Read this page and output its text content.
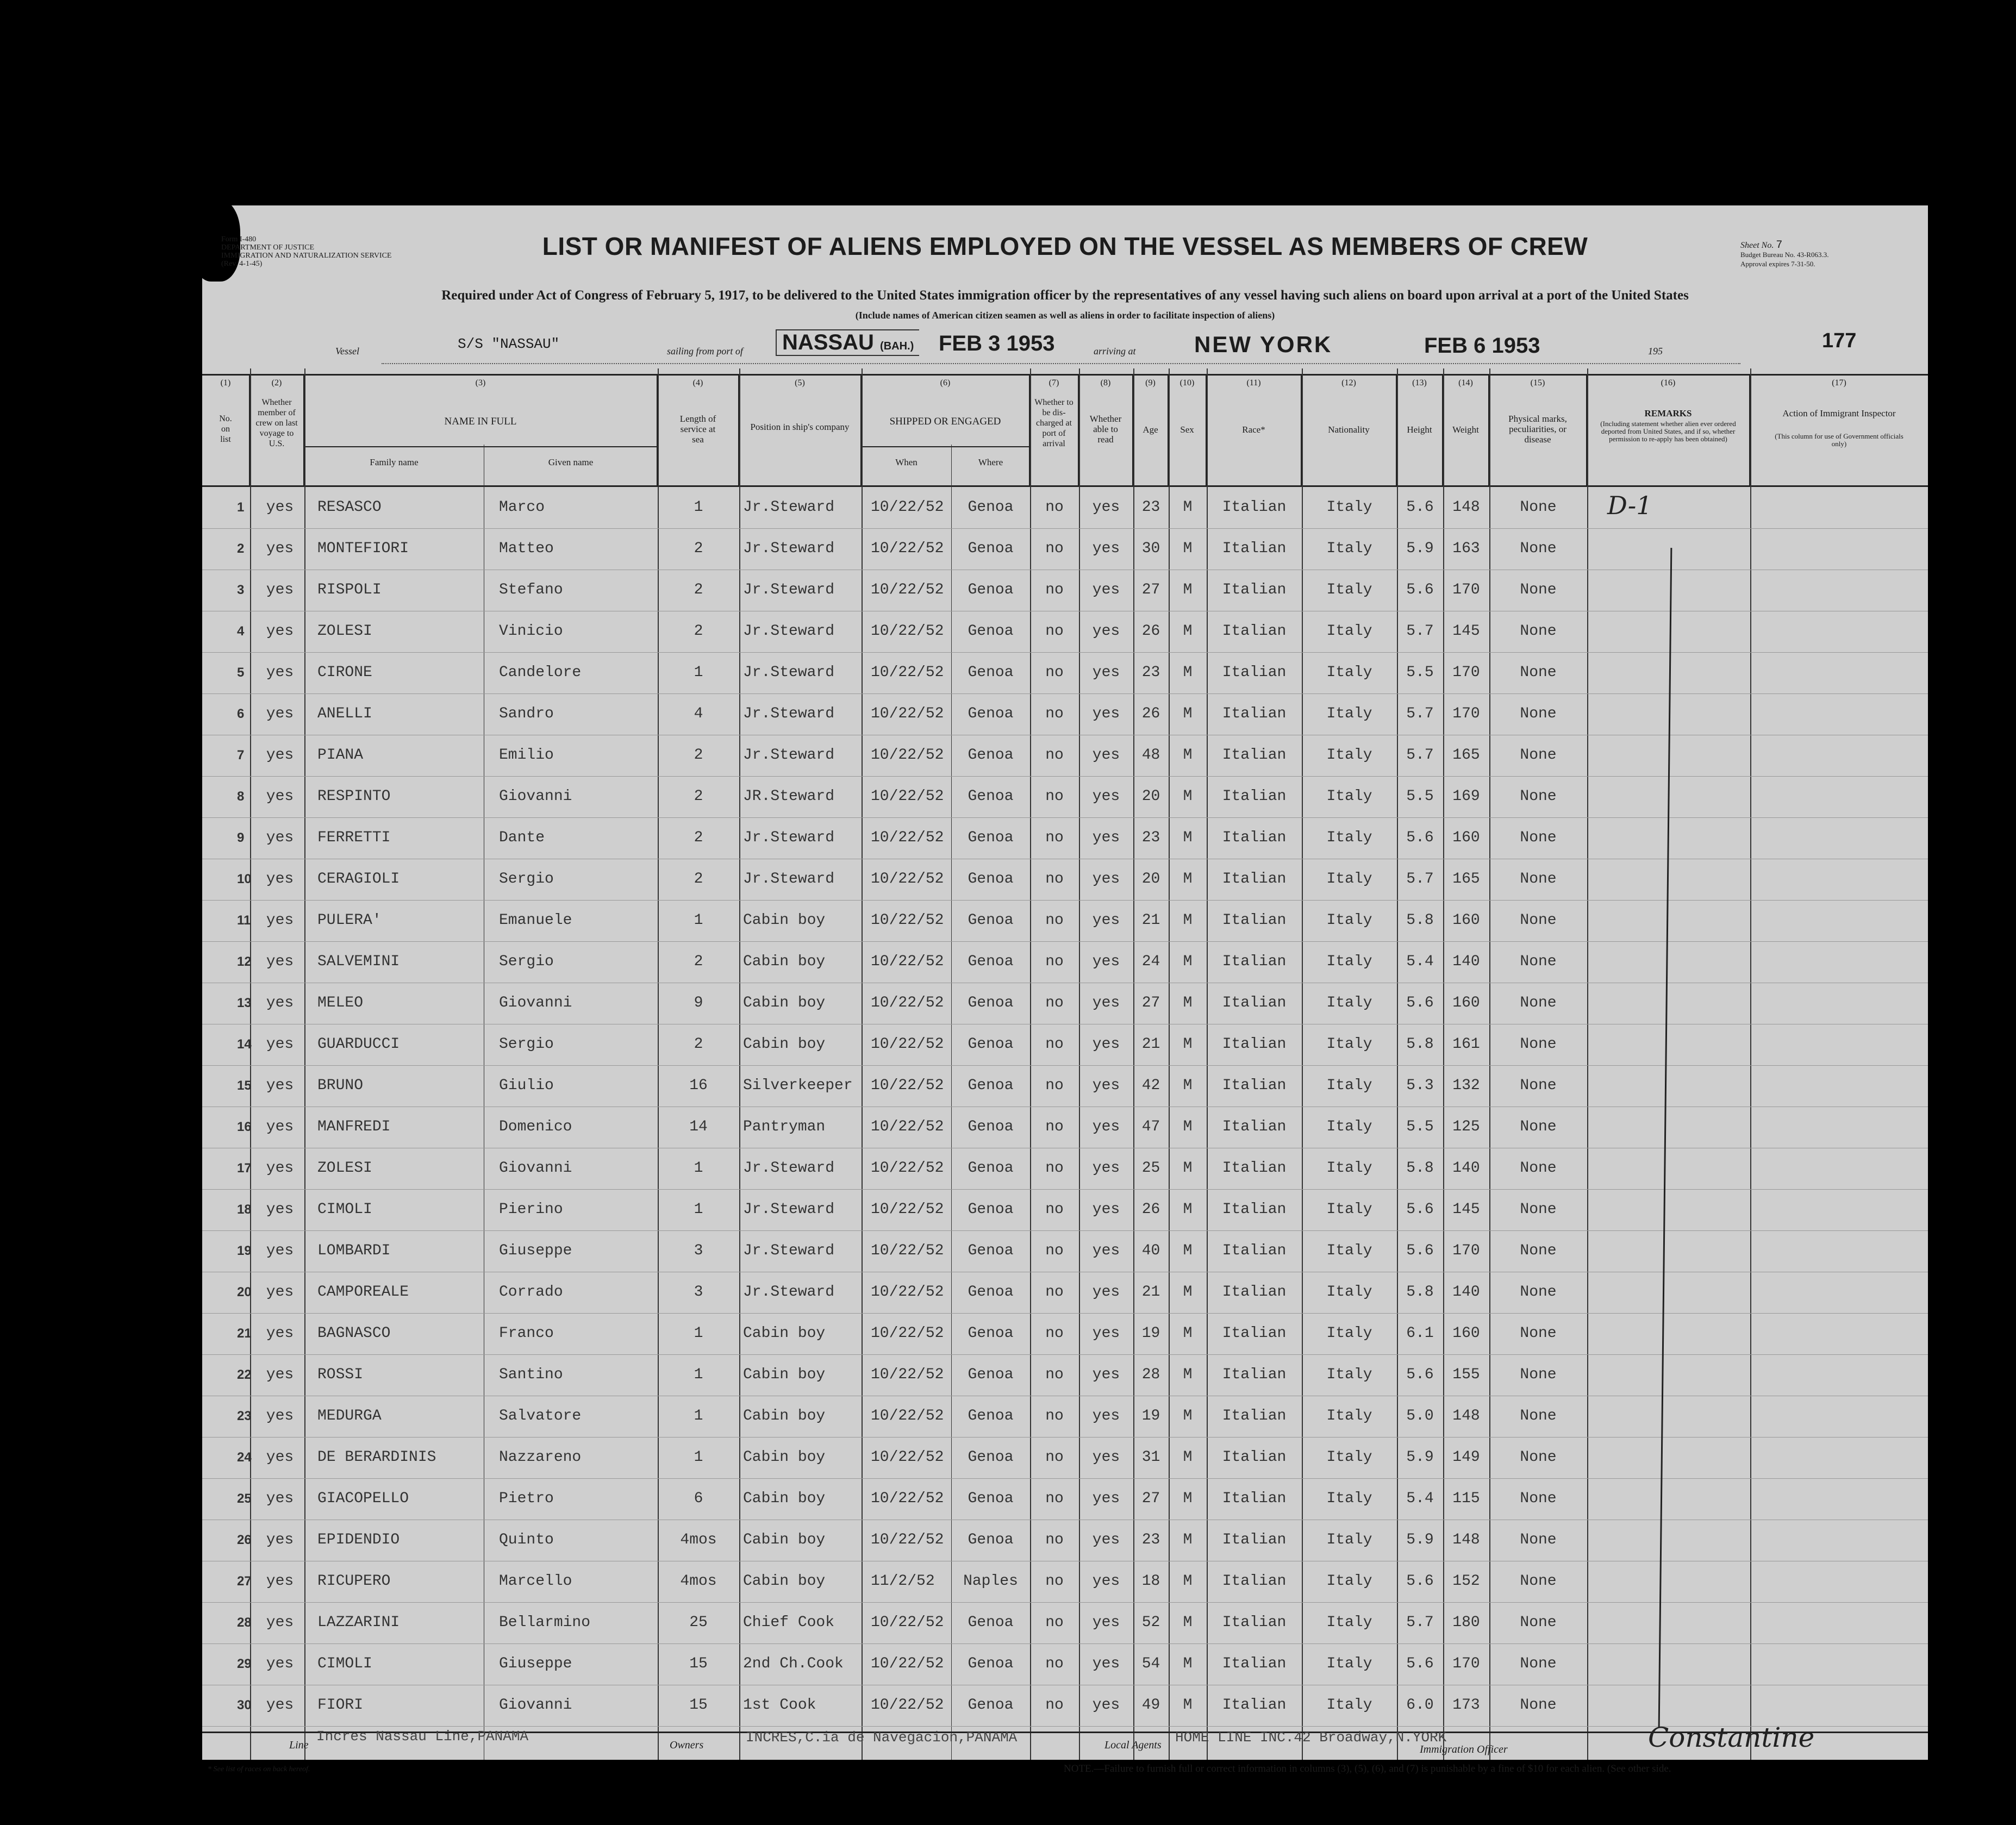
Form I-480
DEPARTMENT OF JUSTICE
IMMIGRATION AND NATURALIZATION SERVICE
(Rev. 4-1-45)
LIST OR MANIFEST OF ALIENS EMPLOYED ON THE VESSEL AS MEMBERS OF CREW	Sheet No. 7
Budget Bureau No. 43-R063.3.
Approval expires 7-31-50.
Required under Act of Congress of February 5, 1917, to be delivered to the United States immigration officer by the representatives of any vessel having such aliens on board upon arrival at a port of the United States
(Include names of American citizen seamen as well as aliens in order to facilitate inspection of aliens)
Vessel	S/S "NASSAU"	sailing from port of	NASSAU (BAH.) FEB 3 1953	arriving at	NEW YORK	FEB 6 1953	195	177
(1)
No. on list
(2)
Whether member of crew on last voyage to U.S.
(3)
NAME IN FULL
Family name	Given name
(4)
Length of service at sea
(5)
Position in ship's company
(6)
SHIPPED OR ENGAGED
When	Where
(7)
Whether to be dis-charged at port of arrival
(8)
Whether able to read
(9)
Age
(10)
Sex
(11)
Race*
(12)
Nationality
(13)
Height
(14)
Weight
(15)
Physical marks, peculiarities, or disease
(16)
REMARKS
(Including statement whether alien ever ordered deported from United States, and if so, whether permission to re-apply has been obtained)
(17)
Action of Immigrant Inspector
(This column for use of Government officials only)
1	yes	RESASCO	Marco	1	Jr.Steward	10/22/52	Genoa	no	yes	23	M	Italian	Italy	5.6	148	None
2	yes	MONTEFIORI	Matteo	2	Jr.Steward	10/22/52	Genoa	no	yes	30	M	Italian	Italy	5.9	163	None
3	yes	RISPOLI	Stefano	2	Jr.Steward	10/22/52	Genoa	no	yes	27	M	Italian	Italy	5.6	170	None
4	yes	ZOLESI	Vinicio	2	Jr.Steward	10/22/52	Genoa	no	yes	26	M	Italian	Italy	5.7	145	None
5	yes	CIRONE	Candelore	1	Jr.Steward	10/22/52	Genoa	no	yes	23	M	Italian	Italy	5.5	170	None
6	yes	ANELLI	Sandro	4	Jr.Steward	10/22/52	Genoa	no	yes	26	M	Italian	Italy	5.7	170	None
7	yes	PIANA	Emilio	2	Jr.Steward	10/22/52	Genoa	no	yes	48	M	Italian	Italy	5.7	165	None
8	yes	RESPINTO	Giovanni	2	JR.Steward	10/22/52	Genoa	no	yes	20	M	Italian	Italy	5.5	169	None
9	yes	FERRETTI	Dante	2	Jr.Steward	10/22/52	Genoa	no	yes	23	M	Italian	Italy	5.6	160	None
10 yes	CERAGIOLI	Sergio	2	Jr.Steward	10/22/52	Genoa	no	yes	20	M	Italian	Italy	5.7	165	None
11	yes	PULERA'	Emanuele	1	Cabin boy	10/22/52	Genoa	no	yes	21	M	Italian	Italy	5.8	160	None
12 yes	SALVEMINI	Sergio	2	Cabin boy	10/22/52	Genoa	no	yes	24	M	Italian	Italy	5.4	140	None
13 yes	MELEO	Giovanni	9	Cabin boy	10/22/52	Genoa	no	yes	27	M	Italian	Italy	5.6	160	None
14 yes	GUARDUCCI	Sergio	2	Cabin boy	10/22/52	Genoa	no	yes	21	M	Italian	Italy	5.8	161	None
15 yes	BRUNO	Giulio	16	Silverkeeper	10/22/52	Genoa	no	yes	42	M	Italian	Italy	5.3	132	None
16 yes	MANFREDI	Domenico	14	Pantryman	10/22/52	Genoa	no	yes	47	M	Italian	Italy	5.5	125	None
17 yes	ZOLESI	Giovanni	1	Jr.Steward	10/22/52	Genoa	no	yes	25	M	Italian	Italy	5.8	140	None
18 yes	CIMOLI	Pierino	1	Jr.Steward	10/22/52	Genoa	no	yes	26	M	Italian	Italy	5.6	145	None
19 yes	LOMBARDI	Giuseppe	3	Jr.Steward	10/22/52	Genoa	no	yes	40	M	Italian	Italy	5.6	170	None
20 yes	CAMPOREALE	Corrado	3	Jr.Steward	10/22/52	Genoa	no	yes	21	M	Italian	Italy	5.8	140	None
21 yes	BAGNASCO	Franco	1	Cabin boy	10/22/52	Genoa	no	yes	19	M	Italian	Italy	6.1	160	None
22 yes	ROSSI	Santino	1	Cabin boy	10/22/52	Genoa	no	yes	28	M	Italian	Italy	5.6	155	None
23 yes	MEDURGA	Salvatore	1	Cabin boy	10/22/52	Genoa	no	yes	19	M	Italian	Italy	5.0	148	None
24 yes	DE BERARDINIS	Nazzareno	1	Cabin boy	10/22/52	Genoa	no	yes	31	M	Italian	Italy	5.9	149	None
25 yes	GIACOPELLO	Pietro	6	Cabin boy	10/22/52	Genoa	no	yes	27	M	Italian	Italy	5.4	115	None
26 yes	EPIDENDIO	Quinto	4mos	Cabin boy	10/22/52	Genoa	no	yes	23	M	Italian	Italy	5.9	148	None
27 yes	RICUPERO	Marcello	4mos	Cabin boy	11/2/52	Naples	no	yes	18	M	Italian	Italy	5.6	152	None
28 yes	LAZZARINI	Bellarmino	25	Chief Cook	10/22/52	Genoa	no	yes	52	M	Italian	Italy	5.7	180	None
29 yes	CIMOLI	Giuseppe	15	2nd Ch.Cook	10/22/52	Genoa	no	yes	54	M	Italian	Italy	5.6	170	None
30 yes	FIORI	Giovanni	15	1st Cook	10/22/52	Genoa	no	yes	49	M	Italian	Italy	6.0	173	None
D-1
Line
Incres Nassau Line,PANAMA
Owners	INCRES,C.ia de Navegacion,PANAMA	Local Agents HOME LINE INC.42 Broadway,N.YORK
Immigration Officer	Constantine
* See list of races on back hereof.	NOTE.—Failure to furnish full or correct information in columns (3), (5), (6), and (7) is punishable by a fine of $10 for each alien. (See other side.
